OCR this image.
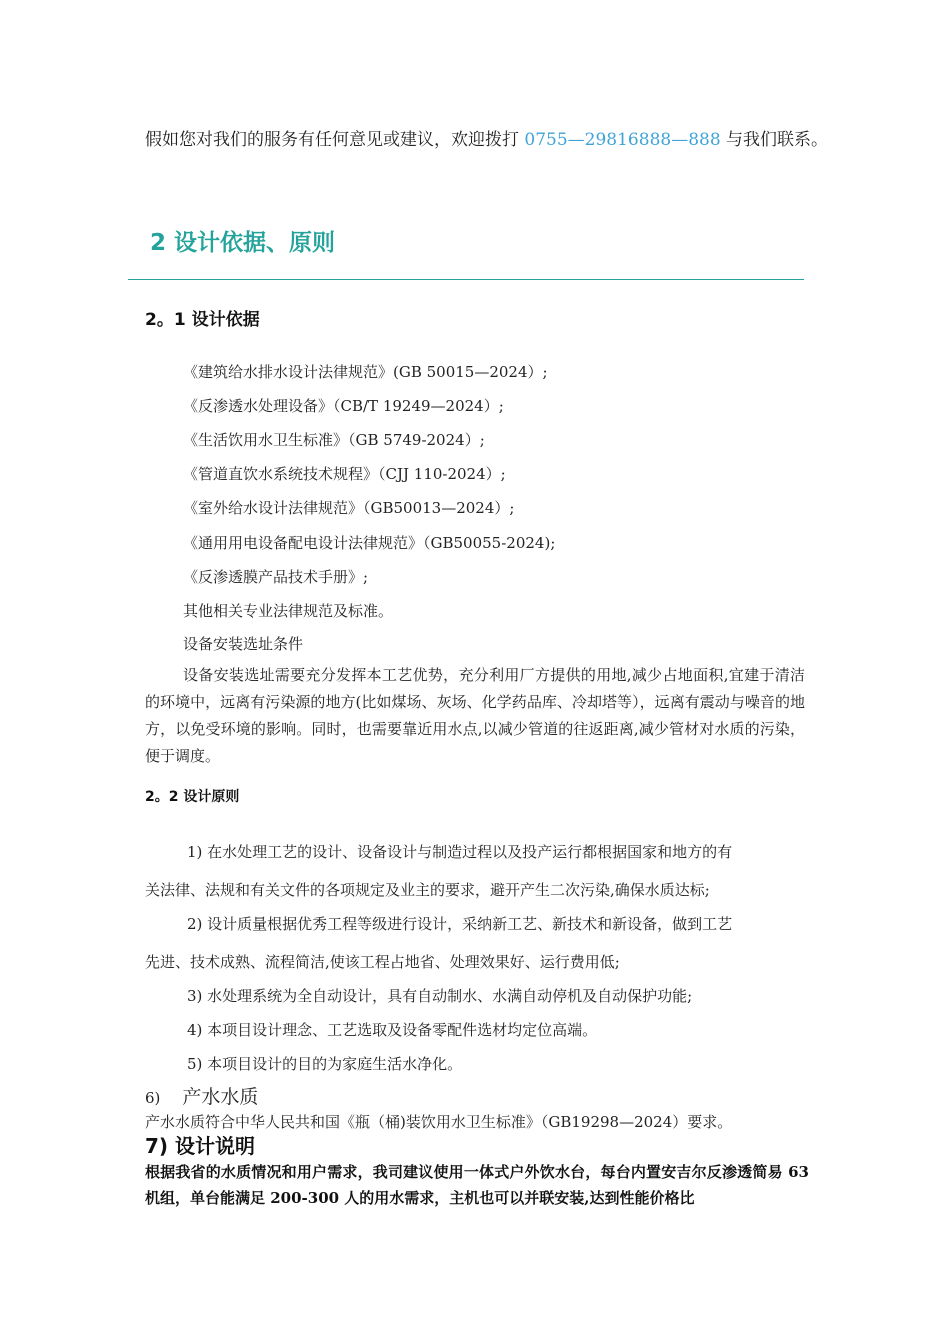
假如您对我们的服务有任何意见或建议，欢迎拨打 0755—29816888—888 与我们联系。
2 设计依据、原则
2。1 设计依据
《建筑给水排水设计法律规范》(GB 50015—2024）;
《反渗透水处理设备》（CB/T 19249—2024）;
《生活饮用水卫生标准》（GB 5749-2024）;
《管道直饮水系统技术规程》（CJJ 110-2024）;
《室外给水设计法律规范》（GB50013—2024）;
《通用用电设备配电设计法律规范》（GB50055-2024);
《反渗透膜产品技术手册》;
其他相关专业法律规范及标准。
设备安装选址条件
设备安装选址需要充分发挥本工艺优势，充分利用厂方提供的用地,减少占地面积,宜建于清洁的环境中，远离有污染源的地方(比如煤场、灰场、化学药品库、冷却塔等），远离有震动与噪音的地方，以免受环境的影响。同时，也需要靠近用水点,以减少管道的往返距离,减少管材对水质的污染，便于调度。
2。2 设计原则
1) 在水处理工艺的设计、设备设计与制造过程以及投产运行都根据国家和地方的有
关法律、法规和有关文件的各项规定及业主的要求，避开产生二次污染,确保水质达标;
2) 设计质量根据优秀工程等级进行设计，采纳新工艺、新技术和新设备，做到工艺
先进、技术成熟、流程简洁,使该工程占地省、处理效果好、运行费用低;
3) 水处理系统为全自动设计，具有自动制水、水满自动停机及自动保护功能;
4) 本项目设计理念、工艺选取及设备零配件选材均定位高端。
5) 本项目设计的目的为家庭生活水净化。
6) 产水水质
产水水质符合中华人民共和国《瓶（桶)装饮用水卫生标准》（GB19298—2024）要求。
7) 设计说明
根据我省的水质情况和用户需求，我司建议使用一体式户外饮水台，每台内置安吉尔反渗透简易 63 机组，单台能满足 200-300 人的用水需求，主机也可以并联安装,达到性能价格比
